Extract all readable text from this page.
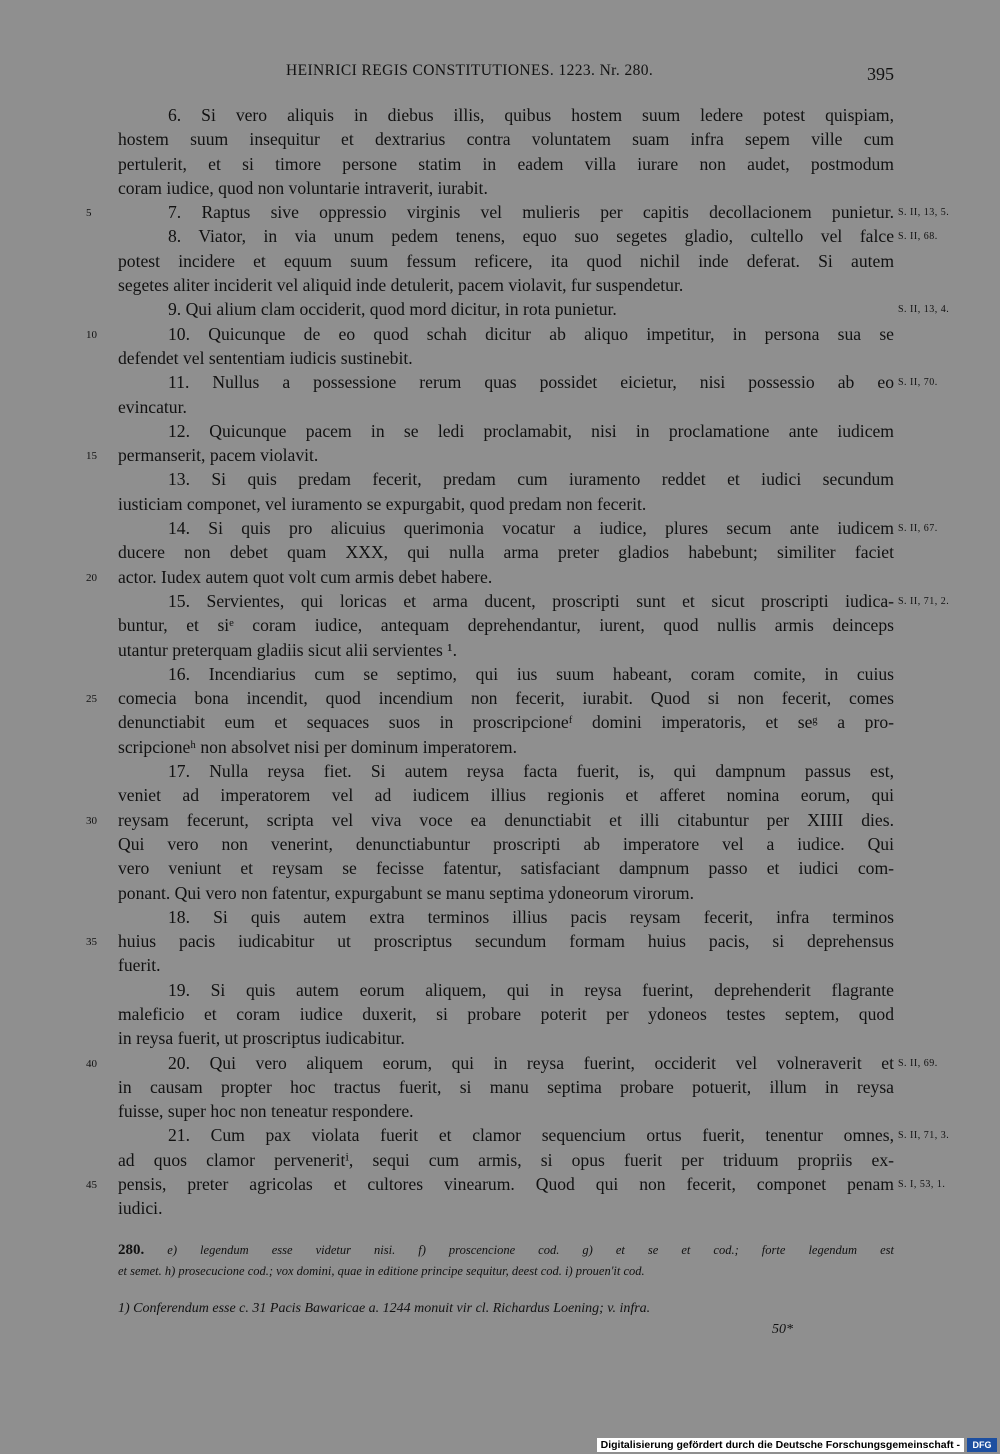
HEINRICI REGIS CONSTITUTIONES. 1223. Nr. 280.	395
6. Si vero aliquis in diebus illis, quibus hostem suum ledere potest quispiam,
hostem suum insequitur et dextrarius contra voluntatem suam infra sepem ville cum
pertulerit, et si timore persone statim in eadem villa iurare non audet, postmodum
coram iudice, quod non voluntarie intraverit, iurabit.
7. Raptus sive oppressio virginis vel mulieris per capitis decollacionem punietur.
5	S. II, 13, 5.
8. Viator, in via unum pedem tenens, equo suo segetes gladio, cultello vel falce S. II, 68.
potest incidere et equum suum fessum reficere, ita quod nichil inde deferat. Si autem
segetes aliter inciderit vel aliquid inde detulerit, pacem violavit, fur suspendetur.
9. Qui alium clam occiderit, quod mord dicitur, in rota punietur.	S. II, 13, 4.
10. Quicunque de eo quod schah dicitur ab aliquo impetitur, in persona sua se
10
defendet vel sententiam iudicis sustinebit.
11. Nullus a possessione rerum quas possidet eicietur, nisi possessio ab eo S. II, 70.
evincatur.
12. Quicunque pacem in se ledi proclamabit, nisi in proclamatione ante iudicem
permanserit, pacem violavit.
15
13. Si quis predam fecerit, predam cum iuramento reddet et iudici secundum
iusticiam componet, vel iuramento se expurgabit, quod predam non fecerit.
14. Si quis pro alicuius querimonia vocatur a iudice, plures secum ante iudicem S. II, 67.
ducere non debet quam XXX, qui nulla arma preter gladios habebunt; similiter faciet
actor. Iudex autem quot volt cum armis debet habere.
20
15. Servientes, qui loricas et arma ducent, proscripti sunt et sicut proscripti iudica- S. II, 71, 2.
buntur, et siᵉ coram iudice, antequam deprehendantur, iurent, quod nullis armis deinceps
utantur preterquam gladiis sicut alii servientes ¹.
16. Incendiarius cum se septimo, qui ius suum habeant, coram comite, in cuius
comecia bona incendit, quod incendium non fecerit, iurabit. Quod si non fecerit, comes
25
denunctiabit eum et sequaces suos in proscripcioneᶠ domini imperatoris, et seᵍ a pro-
scripcioneʰ non absolvet nisi per dominum imperatorem.
17. Nulla reysa fiet. Si autem reysa facta fuerit, is, qui dampnum passus est,
veniet ad imperatorem vel ad iudicem illius regionis et afferet nomina eorum, qui
reysam fecerunt, scripta vel viva voce ea denunctiabit et illi citabuntur per XIIII dies.
30
Qui vero non venerint, denunctiabuntur proscripti ab imperatore vel a iudice. Qui
vero veniunt et reysam se fecisse fatentur, satisfaciant dampnum passo et iudici com-
ponant. Qui vero non fatentur, expurgabunt se manu septima ydoneorum virorum.
18. Si quis autem extra terminos illius pacis reysam fecerit, infra terminos
huius pacis iudicabitur ut proscriptus secundum formam huius pacis, si deprehensus
35
fuerit.
19. Si quis autem eorum aliquem, qui in reysa fuerint, deprehenderit flagrante
maleficio et coram iudice duxerit, si probare poterit per ydoneos testes septem, quod
in reysa fuerit, ut proscriptus iudicabitur.
20. Qui vero aliquem eorum, qui in reysa fuerint, occiderit vel volneraverit et
40	S. II, 69.
in causam propter hoc tractus fuerit, si manu septima probare potuerit, illum in reysa
fuisse, super hoc non teneatur respondere.
21. Cum pax violata fuerit et clamor sequencium ortus fuerit, tenentur omnes, S. II, 71, 3.
ad quos clamor perveneritⁱ, sequi cum armis, si opus fuerit per triduum propriis ex-
pensis, preter agricolas et cultores vinearum. Quod qui non fecerit, componet penam
45	S. I, 53, 1.
iudici.
280. e) legendum esse videtur nisi. f) proscencione cod. g) et se et cod.; forte legendum est
et semet. h) prosecucione cod.; vox domini, quae in editione principe sequitur, deest cod. i) prouen'it cod.
1) Conferendum esse c. 31 Pacis Bawaricae a. 1244 monuit vir cl. Richardus Loening; v. infra.
50*
Digitalisierung gefördert durch die Deutsche Forschungsgemeinschaft -	DFG
